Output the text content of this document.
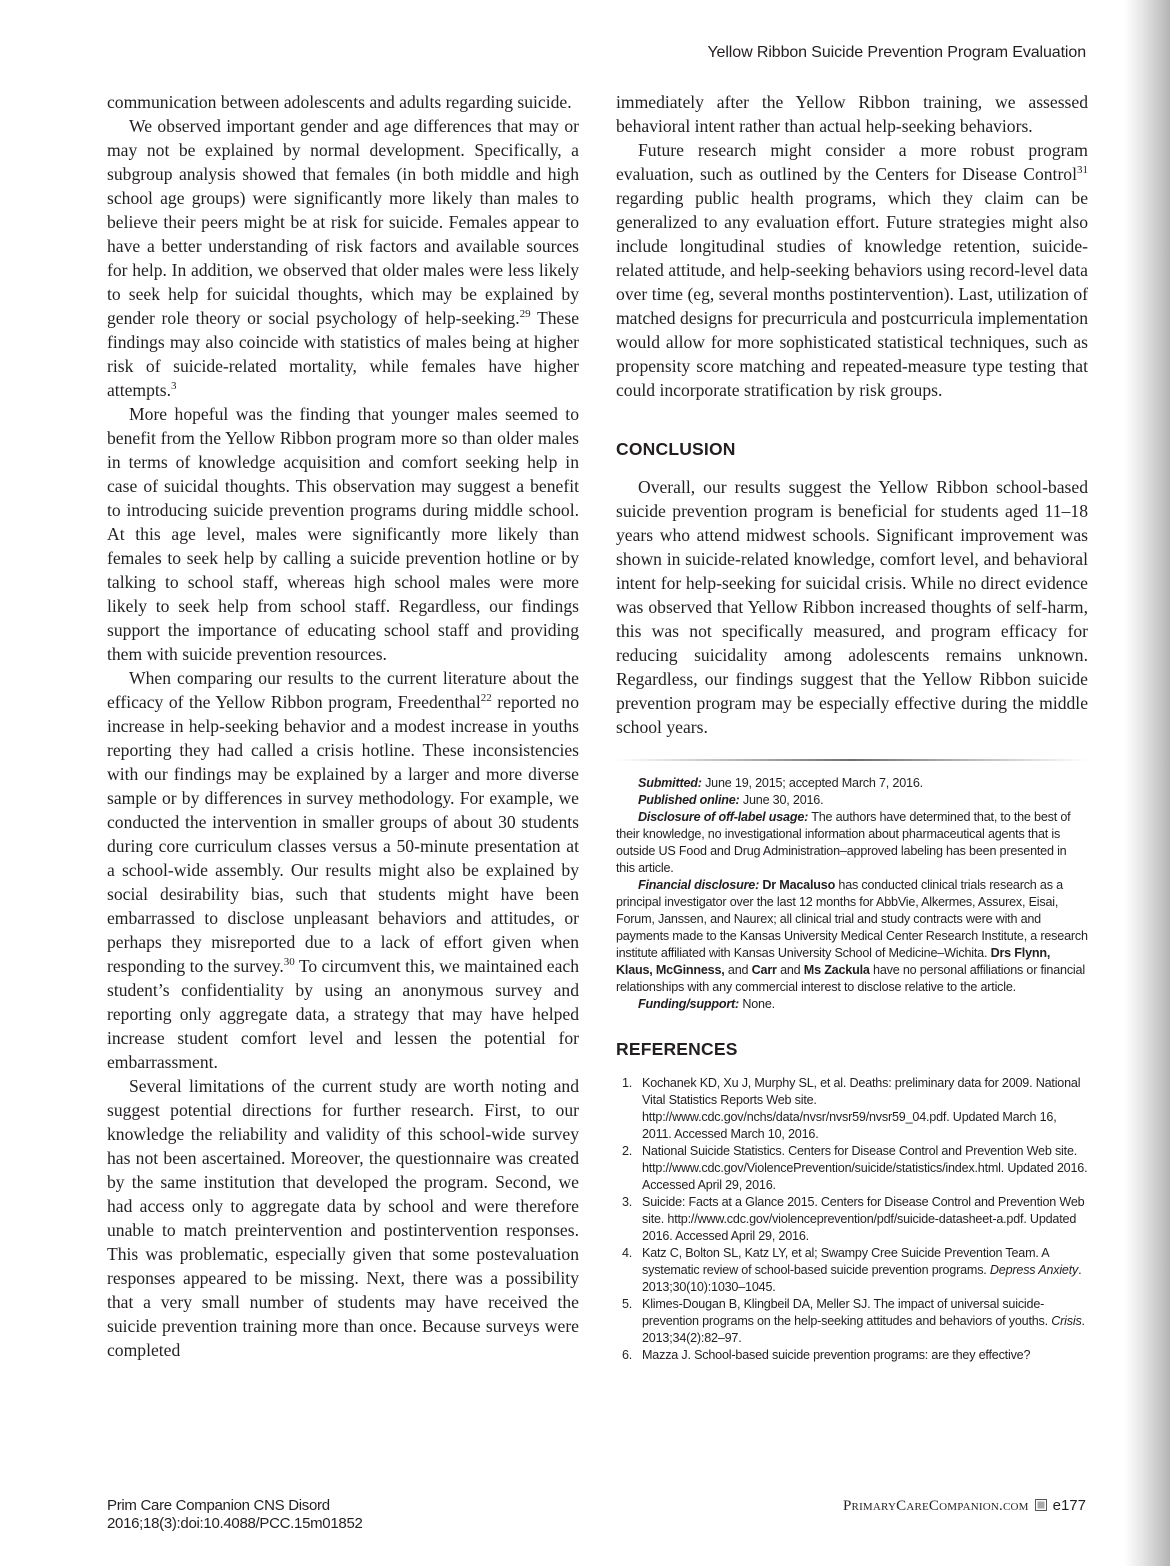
Yellow Ribbon Suicide Prevention Program Evaluation

communication between adolescents and adults regarding suicide.

We observed important gender and age differences that may or may not be explained by normal development. Specifically, a subgroup analysis showed that females (in both middle and high school age groups) were significantly more likely than males to believe their peers might be at risk for suicide. Females appear to have a better understanding of risk factors and available sources for help. In addition, we observed that older males were less likely to seek help for suicidal thoughts, which may be explained by gender role theory or social psychology of help-seeking.$^{29}$ These findings may also coincide with statistics of males being at higher risk of suicide-related mortality, while females have higher attempts.$^3$

More hopeful was the finding that younger males seemed to benefit from the Yellow Ribbon program more so than older males in terms of knowledge acquisition and comfort seeking help in case of suicidal thoughts. This observation may suggest a benefit to introducing suicide prevention programs during middle school. At this age level, males were significantly more likely than females to seek help by calling a suicide prevention hotline or by talking to school staff, whereas high school males were more likely to seek help from school staff. Regardless, our findings support the importance of educating school staff and providing them with suicide prevention resources.

When comparing our results to the current literature about the efficacy of the Yellow Ribbon program, Freedenthal$^{22}$ reported no increase in help-seeking behavior and a modest increase in youths reporting they had called a crisis hotline. These inconsistencies with our findings may be explained by a larger and more diverse sample or by differences in survey methodology. For example, we conducted the intervention in smaller groups of about 30 students during core curriculum classes versus a 50-minute presentation at a school-wide assembly. Our results might also be explained by social desirability bias, such that students might have been embarrassed to disclose unpleasant behaviors and attitudes, or perhaps they misreported due to a lack of effort given when responding to the survey.$^{30}$ To circumvent this, we maintained each student’s confidentiality by using an anonymous survey and reporting only aggregate data, a strategy that may have helped increase student comfort level and lessen the potential for embarrassment.

Several limitations of the current study are worth noting and suggest potential directions for further research. First, to our knowledge the reliability and validity of this school-wide survey has not been ascertained. Moreover, the questionnaire was created by the same institution that developed the program. Second, we had access only to aggregate data by school and were therefore unable to match preintervention and postintervention responses. This was problematic, especially given that some postevaluation responses appeared to be missing. Next, there was a possibility that a very small number of students may have received the suicide prevention training more than once. Because surveys were completed

immediately after the Yellow Ribbon training, we assessed behavioral intent rather than actual help-seeking behaviors.

Future research might consider a more robust program evaluation, such as outlined by the Centers for Disease Control$^{31}$ regarding public health programs, which they claim can be generalized to any evaluation effort. Future strategies might also include longitudinal studies of knowledge retention, suicide-related attitude, and help-seeking behaviors using record-level data over time (eg, several months postintervention). Last, utilization of matched designs for precurricula and postcurricula implementation would allow for more sophisticated statistical techniques, such as propensity score matching and repeated-measure type testing that could incorporate stratification by risk groups.

CONCLUSION

Overall, our results suggest the Yellow Ribbon school-based suicide prevention program is beneficial for students aged 11–18 years who attend midwest schools. Significant improvement was shown in suicide-related knowledge, comfort level, and behavioral intent for help-seeking for suicidal crisis. While no direct evidence was observed that Yellow Ribbon increased thoughts of self-harm, this was not specifically measured, and program efficacy for reducing suicidality among adolescents remains unknown. Regardless, our findings suggest that the Yellow Ribbon suicide prevention program may be especially effective during the middle school years.

Submitted: June 19, 2015; accepted March 7, 2016.

Published online: June 30, 2016.

Disclosure of off-label usage: The authors have determined that, to the best of their knowledge, no investigational information about pharmaceutical agents that is outside US Food and Drug Administration–approved labeling has been presented in this article.

Financial disclosure: Dr Macaluso has conducted clinical trials research as a principal investigator over the last 12 months for AbbVie, Alkermes, Assurex, Eisai, Forum, Janssen, and Naurex; all clinical trial and study contracts were with and payments made to the Kansas University Medical Center Research Institute, a research institute affiliated with Kansas University School of Medicine–Wichita. Drs Flynn, Klaus, McGinness, and Carr and Ms Zackula have no personal affiliations or financial relationships with any commercial interest to disclose relative to the article.

Funding/support: None.

REFERENCES
1. Kochanek KD, Xu J, Murphy SL, et al. Deaths: preliminary data for 2009. National Vital Statistics Reports Web site. http://www.cdc.gov/nchs/data/nvsr/nvsr59/nvsr59_04.pdf. Updated March 16, 2011. Accessed March 10, 2016.
2. National Suicide Statistics. Centers for Disease Control and Prevention Web site. http://www.cdc.gov/ViolencePrevention/suicide/statistics/index.html. Updated 2016. Accessed April 29, 2016.
3. Suicide: Facts at a Glance 2015. Centers for Disease Control and Prevention Web site. http://www.cdc.gov/violenceprevention/pdf/suicide-datasheet-a.pdf. Updated 2016. Accessed April 29, 2016.
4. Katz C, Bolton SL, Katz LY, et al; Swampy Cree Suicide Prevention Team. A systematic review of school-based suicide prevention programs. Depress Anxiety. 2013;30(10):1030–1045.
5. Klimes-Dougan B, Klingbeil DA, Meller SJ. The impact of universal suicide-prevention programs on the help-seeking attitudes and behaviors of youths. Crisis. 2013;34(2):82–97.
6. Mazza J. School-based suicide prevention programs: are they effective?
Prim Care Companion CNS Disord
2016;18(3):doi:10.4088/PCC.15m01852
PrimaryCareCompanion.com e177
